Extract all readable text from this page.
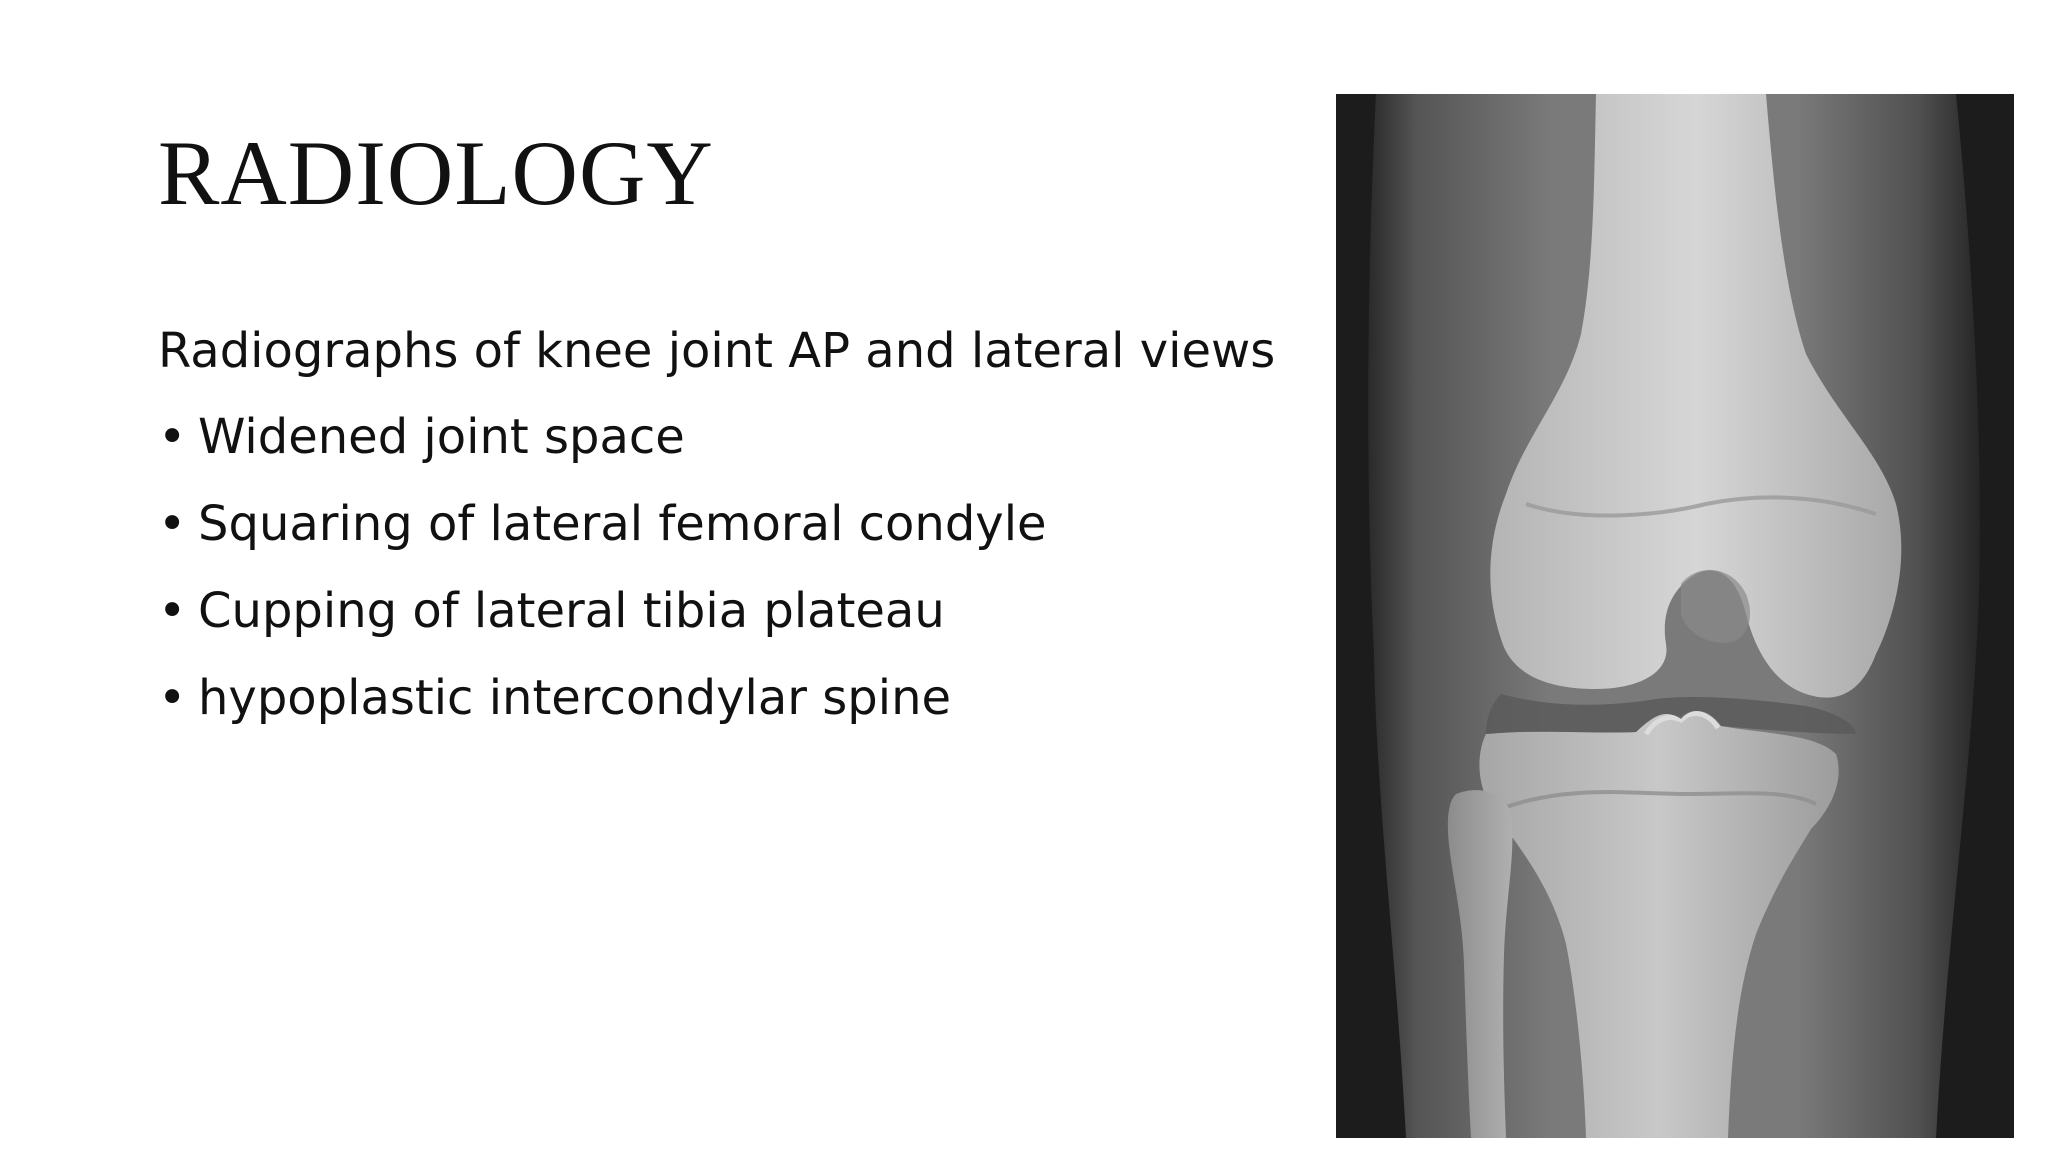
RADIOLOGY

Radiographs of knee joint AP and lateral views

• Widened joint space
• Squaring of lateral femoral condyle
• Cupping of lateral tibia plateau
• hypoplastic intercondylar spine
